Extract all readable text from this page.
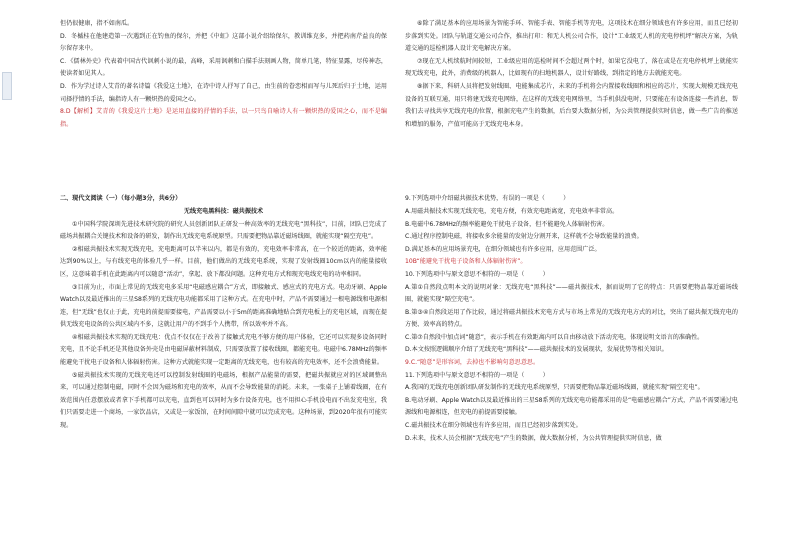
但仍很健康，指不如南瓜。

D．冬槭桂在他建造第一次遇到正在钓鱼的保尔，并把《中虹》这部小说介绍给保尔，教训维克多，并把药南芹益良的保尔留存来中。

C．《儒林外史》代表着中国古代讽刺小说的最，高峰，采用讽刺和白描手法刻画人物，简单几笔，特征显露，尽传神态，使读者如见其人。

D．作为学过诗人艾青的著名诗篇《我爱这土地》，在诗中诗人抒写了自己，由生前的眷恋相而写与儿死后归于土地，运用司择抒情的手法，编指诗人有一颗炽热的爱国之心。

8.D【解析】艾青的《我爱这片土地》是运用直接的抒情的手法，以一只鸟自喻诗人有一颗炽热的爱国之心，而不是编指。

二、现代文阅读（一）（每小题3分，共6分）

无线充电黑科技：磁共振技术

①中国科学院深圳先进技术研究院的研究人员创新团队正研发一种高效率的无线充电“黑科技”，目前，团队已完成了磁场共振耦合关键技术和设备的研发，制作出无线充电系统原型。只需要把物品靠近磁场线圈，就能实现“隔空充电”。

②相磁共振技术实现无线充电，充电距离可以半米以内，都是有效的，充电效率非常高，在一个较近的距离，效率能达到90%以上，与有线充电的体验几乎一样。目前，他们做出的无线充电系统，实现了发射线圈10cm以内的能量接收区，这意味着手机在此距离内可以随意“活动”，拿起、放下都没问题。这种充电方式和现充电线充电的功率相同。

③目前为止，市面上常见的无线充电多采用“电磁感应耦合”方式，即接触式、感应式的充电方式。电动牙刷、Apple Watch以及最近推出的三星S8系列的无线充电功能都采用了这种方式。在充电中时，产品不需要通过一根电源线和电源相连，但“无线”也仅止于此，充电的前提需要接电，产品需要以小于5m的距离准确地贴合到充电板上的充电区域，而现在提供无线充电设备的公共区域内不多，这就让用户的不到手个人携带，所以效率并不高。

④相磁共振技术实现的无线充电：优点不仅仅在于改善了接触式充电不够方便的用户体验，它还可以实现多设备同时充电，且不论手机还是其他设备外壳是由电磁屏蔽材料制成，只需要放置了接收线圈，都能充电。电磁中6.78MHz的频率能避免干扰电子设备和人体辐射伤害。这种方式就能实现一定距离的无线充电，也有较高的充电效率，还不会浪费能量。

⑤磁共振技术实现的无线充电还可以控制发射线圈的电磁场，根据产品能量的需要，把磁共振就应对的区域调整出来，可以通过控制电磁，同时不会因为磁场和充电的效率，从而不会导致能量的消耗。未来，一张桌子上铺着线圈，在有效范围内任意摆放或者拿下手机都可以充电，直到也可以同时为多台设备充电，也不用担心手机没电而不出发充电室，我们只需要走进一个商场，一家饮品店，又或是一家饭馆，在时间间隙中就可以完成充电。这种场景，到2020年很有可能实现。

⑥除了满足基本的应用场景为智能手环、智能手表、智能手机等充电，这项技术在细分领域也有许多应用，而且已经初步落到实处。团队与轨道交通公司合作，推出打印：和无人机公司合作，设计“工业级无人机的充电停机坪”解决方案，为轨道交通的巡检机器人设计充电解决方案。

⑦现在无人机续航时间较短，工业级应用的巡检时间不会超过两个时，如果它没电了，落在或是在充电停机坪上就能实现无线充电，此外，消费级的机器人，比如现有的扫地机器人，设计好路线，到指定的地方去就能充电。

⑧据下来，科研人员将把发射线圈、电能集成芯片，未来的手机将会内置接收线圈和相应的芯片，实现大规模无线充电设备的互联互通，用只将建无线充电网络，在这样的无线充电网络里，当手机供没电时，只要能在有设备连接一些消息，帮我们去寻找共享无线充电的位置，根据充电产生的数据，后台要大数据分析，为公共管理提供实时信息，做一些广告的推送和增加的服务，产值可能高于无线充电本身。

9.下列选项中介绍磁共振技术优势，有误的一项是（　　　）

A.用磁共振技术实现无线充电，充电方便，有效充电距离宽，充电效率非常高。

B.电磁中6.78MHz的频率能避免干扰电子设备，但不能避免人体辐射伤害。

C.通过程序控制电磁，将接收多余能量的发射边分割开来，这样就不会导致能量的浪费。

D.满足基本的应用场景充电，在细分领域也有许多应用，应用范围广泛。

10B“能避免干扰电子设备和人体辐射伤害”。

10.下列选项中与原文意思不相符的一项是（　　　）

A.第①自然段点明本文的说明对象：无线充电“黑科技”——磁共振技术，据而说明了它的特点：只需要把物品靠近磁场线圈，就能实现“隔空充电”。

B.第③④自然段运用了作比较，通过将磁共振技术充电方式与市场上常见的无线充电方式的对比，突出了磁共振无线充电的方便、效率高的特点。

C.第⑦自然段中加点词“随意”，表示手机在有效距离内可以自由移动放下活动充电，体现说明文语言的准确性。

D.本文按照逻辑顺序介绍了无线充电“黑科技”——磁共振技术的发展现状，发展优势等相关知识。

9.C.“随意”是形容词，去掉也不影响句意思意思。

11.下列选项中与原文意思不相符的一项是（　　　）

A.我国的无线充电创新团队研发制作的无线充电系统原型，只需要把物品靠近磁场线圈，就能实现“隔空充电”。

B.电动牙刷、Apple Watch以及最近推出的三星S8系列的无线充电功能都采用的是“电磁感应耦合”方式，产品不需要通过电源线和电源相连，但充电的前提需要接触。

C.磁共振技术在细分领域也有许多应用，而且已经初步落到实处。

D.未来，技术人员会根据“无线充电”产生的数据，做大数据分析，为公共管理提供实时信息，做
